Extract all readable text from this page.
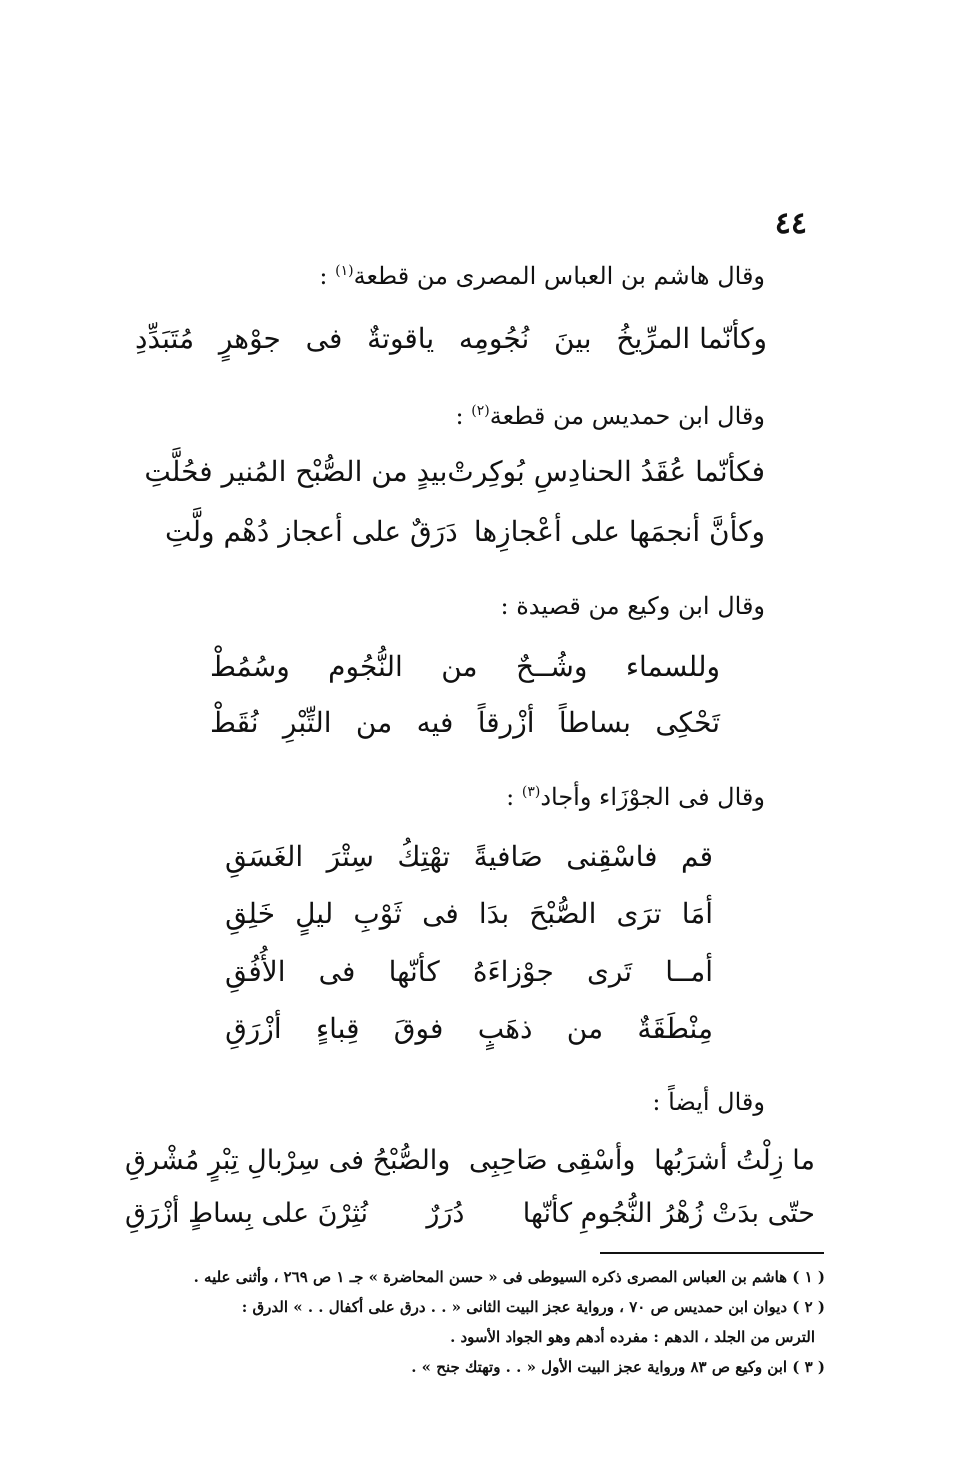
٤٤
وقال هاشم بن العباس المصرى من قطعة$^{(١)}$ :
وكأنّما المرِّيخُ
بينَ
نُجُومِه
ياقوتةٌ
فى
جوْهرٍ
مُتَبَدِّدِ
وقال ابن حمديس من قطعة$^{(٢)}$ :
فكأنّما عُقَدُ الحنادِسِ بُوكِرتْ
بيدٍ من الصُّبْح المُنير فحُلَّتِ
وكأنَّ أنجمَها على أعْجازِها
دَرَقٌ على أعجاز دُهْم ولَّتِ
وقال ابن وكيع من قصيدة :
وللسماء
وشُــحٌ
من
النُّجُوم
وسُمُطْ
تَحْكِى
بساطاً
أزْرقاً
فيه
من
التِّبْرِ
نُقَطْ
وقال فى الجوْزَاء وأجاد$^{(٣)}$ :
قم
فاسْقِنى
صَافيةً
تهْتِكُ
سِتْرَ
الغَسَقِ
أمَا
ترَى
الصُّبْحَ
بدَا
فى
ثَوْبِ
ليلٍ
خَلِقِ
أمــا
تَرى
جوْزاءَهُ
كأنّها
فى
الأُفُقِ
مِنْطَقَةٌ
من
ذهَبٍ
فوقَ
قِباءٍ
أزْرَقِ
وقال أيضاً :
ما زِلْتُ أشرَبُها
وأسْقِى صَاحِبِى
والصُّبْحُ فى سِرْبالِ تِبْرٍ مُشْرقِ
حتّى بدَتْ زُهْرُ النُّجُومِ كأنّها
دُرَرٌ
نُثِرْنَ على بِساطٍ أزْرَقِ
( ١ ) هاشم بن العباس المصرى ذكره السيوطى فى « حسن المحاضرة » جـ ١ ص ٢٦٩ ، وأثنى عليه .
( ٢ ) ديوان ابن حمديس ص ٧٠ ، ورواية عجز البيت الثانى « . . درق على أكفال . . » الدرق :
الترس من الجلد ، الدهم : مفرده أدهم وهو الجواد الأسود .
( ٣ ) ابن وكيع ص ٨٣ ورواية عجز البيت الأول « . . وتهتك جنح » .
